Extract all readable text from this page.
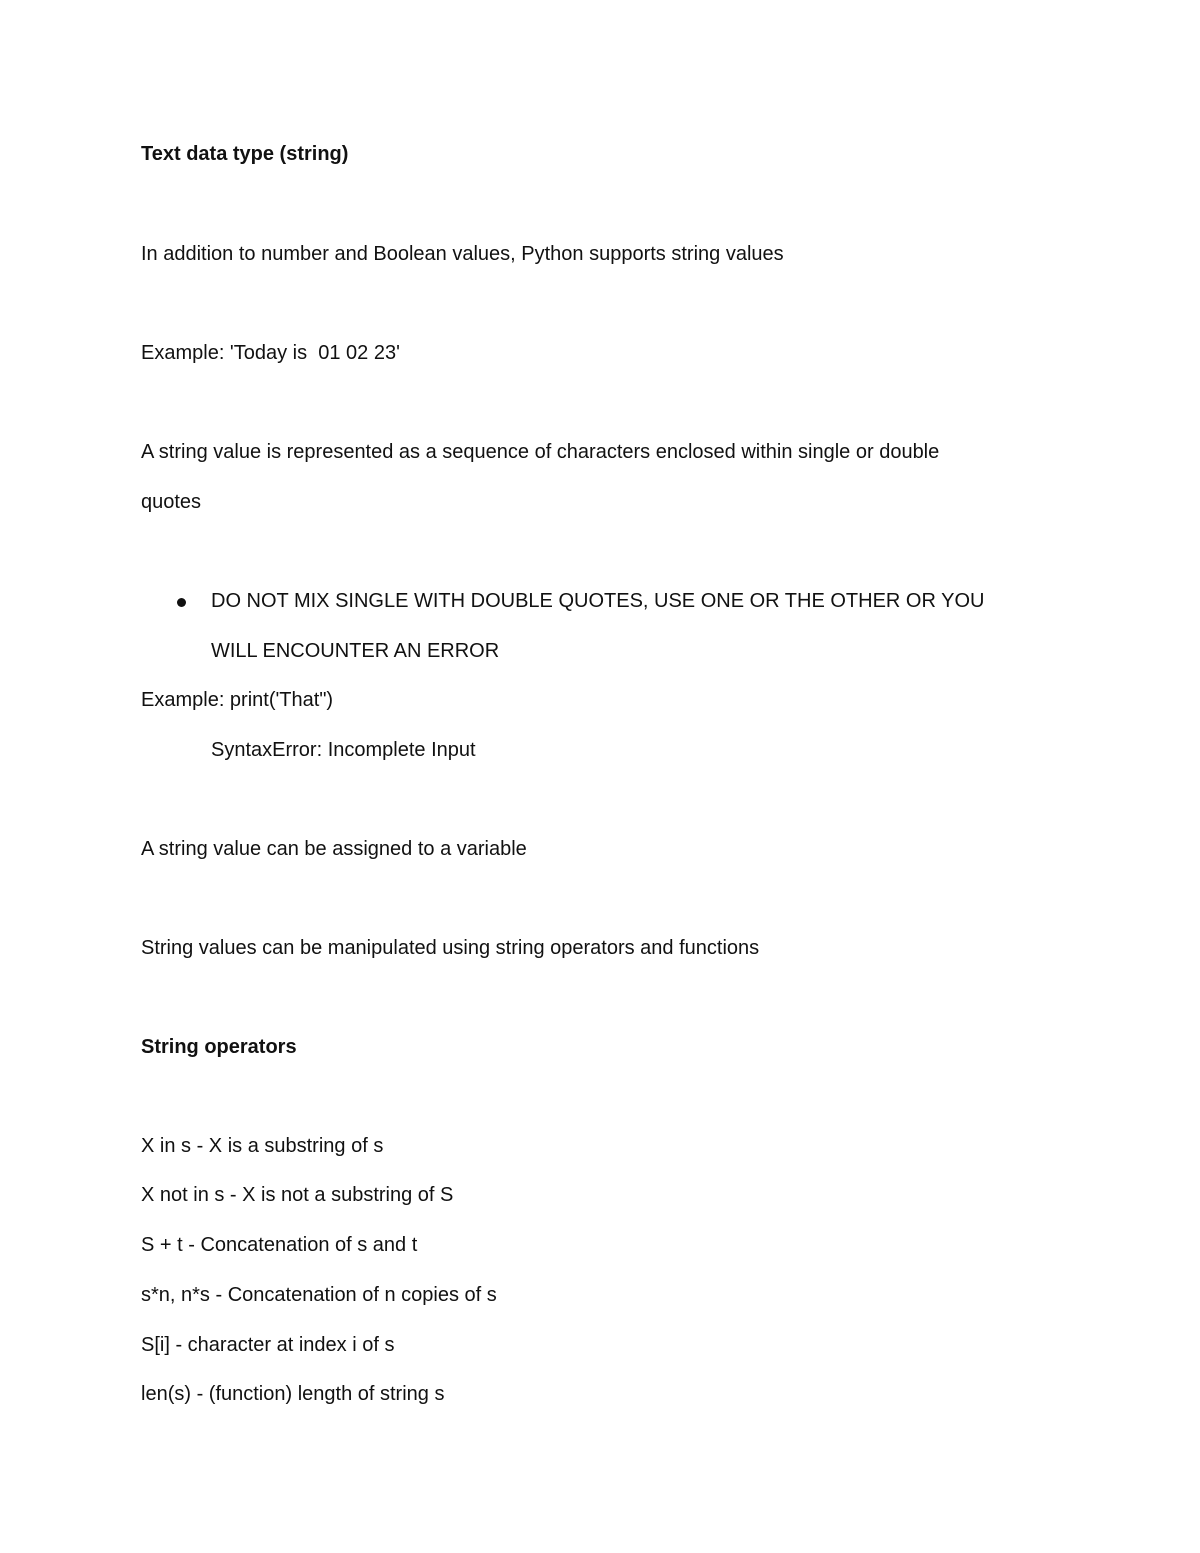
Text data type (string)

In addition to number and Boolean values, Python supports string values

Example: 'Today is  01 02 23'

A string value is represented as a sequence of characters enclosed within single or double

quotes

DO NOT MIX SINGLE WITH DOUBLE QUOTES, USE ONE OR THE OTHER OR YOU

WILL ENCOUNTER AN ERROR

Example: print('That")

SyntaxError: Incomplete Input

A string value can be assigned to a variable

String values can be manipulated using string operators and functions

String operators

X in s - X is a substring of s

X not in s - X is not a substring of S

S + t - Concatenation of s and t

s*n, n*s - Concatenation of n copies of s

S[i] - character at index i of s

len(s) - (function) length of string s
